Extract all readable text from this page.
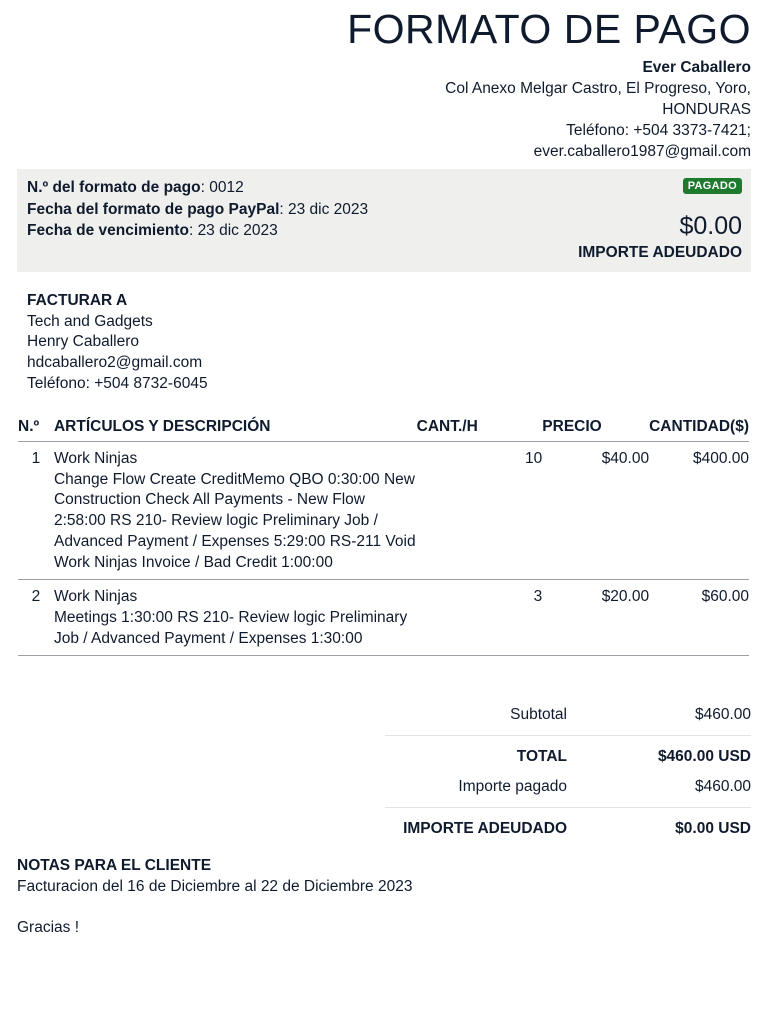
FORMATO DE PAGO
Ever Caballero
Col Anexo Melgar Castro, El Progreso, Yoro,
HONDURAS
Teléfono: +504 3373-7421;
ever.caballero1987@gmail.com
N.º del formato de pago: 0012
Fecha del formato de pago PayPal: 23 dic 2023
Fecha de vencimiento: 23 dic 2023
PAGADO
$0.00
IMPORTE ADEUDADO
FACTURAR A
Tech and Gadgets
Henry Caballero
hdcaballero2@gmail.com
Teléfono: +504 8732-6045
N.º	ARTÍCULOS Y DESCRIPCIÓN	CANT./H	PRECIO	CANTIDAD($)
1	Work Ninjas
Change Flow Create CreditMemo QBO 0:30:00 New Construction Check All Payments - New Flow 2:58:00 RS 210- Review logic Preliminary Job / Advanced Payment / Expenses 5:29:00 RS-211 Void Work Ninjas Invoice / Bad Credit 1:00:00	10	$40.00	$400.00
2	Work Ninjas
Meetings 1:30:00 RS 210- Review logic Preliminary Job / Advanced Payment / Expenses 1:30:00	3	$20.00	$60.00
Subtotal	$460.00
TOTAL	$460.00 USD
Importe pagado	$460.00
IMPORTE ADEUDADO	$0.00 USD
NOTAS PARA EL CLIENTE
Facturacion del 16 de Diciembre al 22 de Diciembre 2023
Gracias !
